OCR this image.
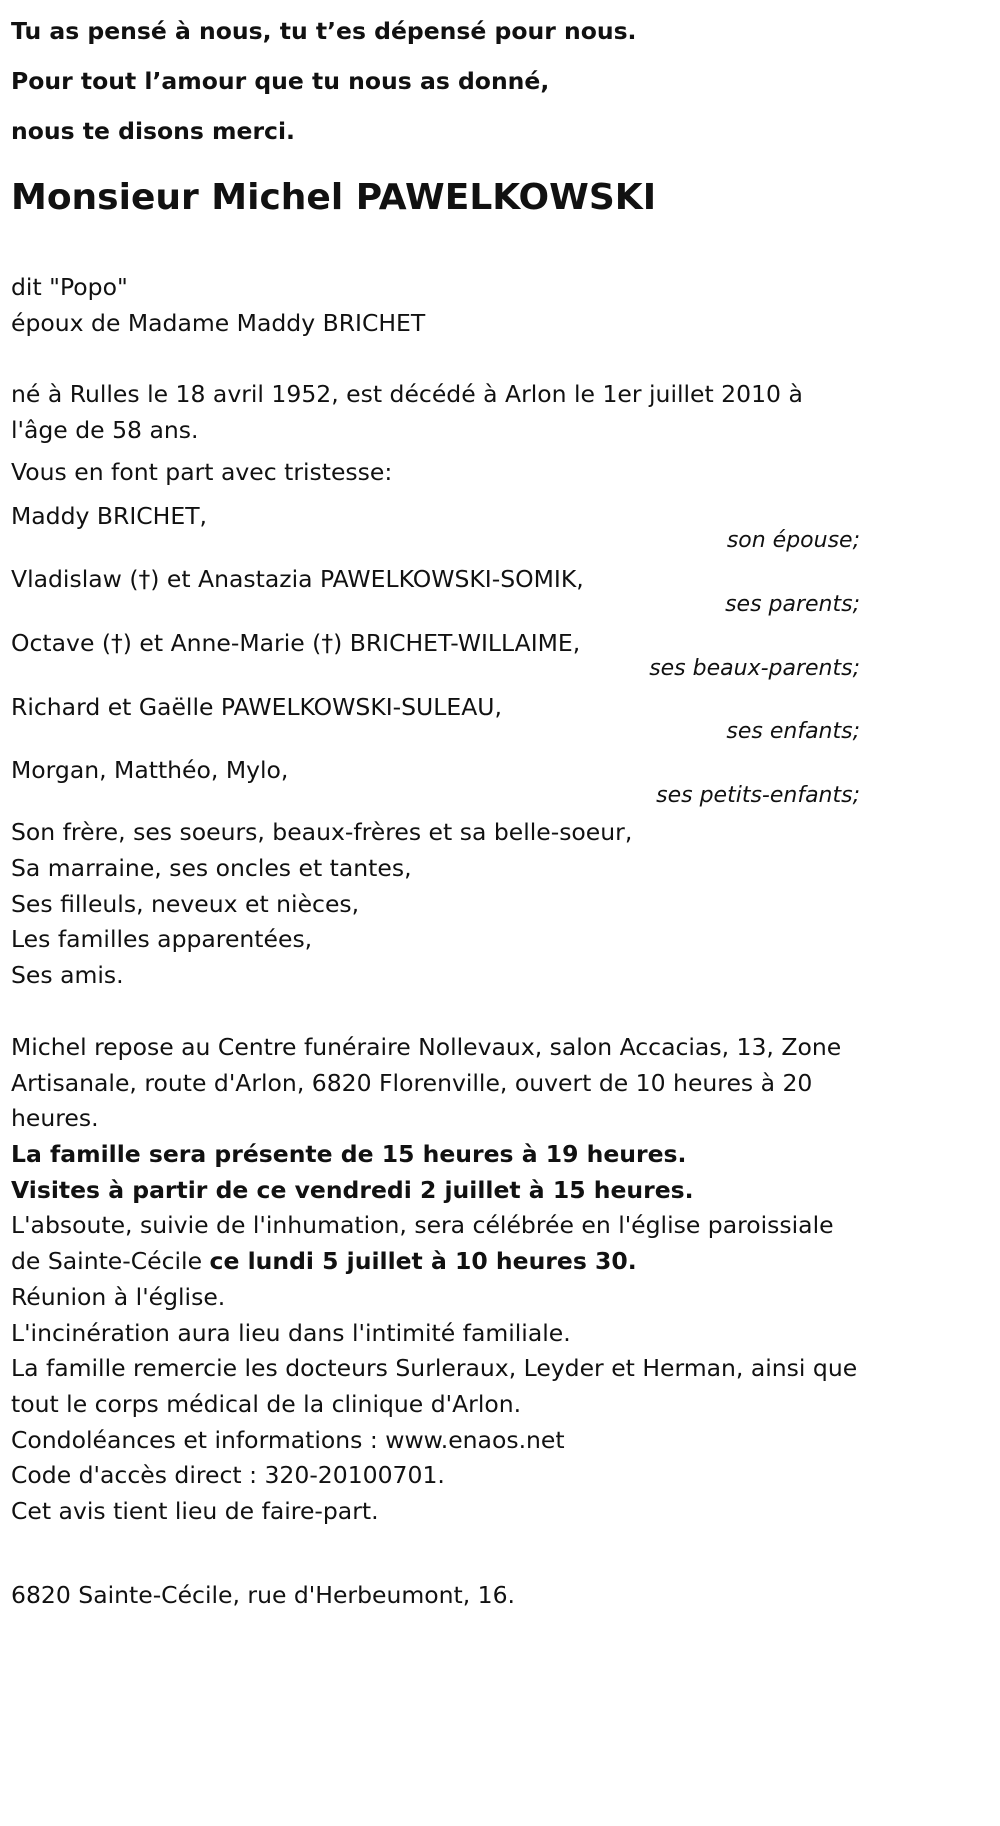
Tu as pensé à nous, tu t’es dépensé pour nous.

Pour tout l’amour que tu nous as donné,

nous te disons merci.

Monsieur Michel PAWELKOWSKI

dit "Popo"

époux de Madame Maddy BRICHET

né à Rulles le 18 avril 1952, est décédé à Arlon le 1er juillet 2010 à l'âge de 58 ans.

Vous en font part avec tristesse:

Maddy BRICHET,
son épouse;
Vladislaw (†) et Anastazia PAWELKOWSKI-SOMIK,
ses parents;
Octave (†) et Anne-Marie (†) BRICHET-WILLAIME,
ses beaux-parents;
Richard et Gaëlle PAWELKOWSKI-SULEAU,
ses enfants;
Morgan, Matthéo, Mylo,
ses petits-enfants;

Son frère, ses soeurs, beaux-frères et sa belle-soeur,

Sa marraine, ses oncles et tantes,

Ses filleuls, neveux et nièces,

Les familles apparentées,

Ses amis.

Michel repose au Centre funéraire Nollevaux, salon Accacias, 13, Zone Artisanale, route d'Arlon, 6820 Florenville, ouvert de 10 heures à 20 heures.

La famille sera présente de 15 heures à 19 heures.

Visites à partir de ce vendredi 2 juillet à 15 heures.

L'absoute, suivie de l'inhumation, sera célébrée en l'église paroissiale de Sainte-Cécile ce lundi 5 juillet à 10 heures 30.

Réunion à l'église.

L'incinération aura lieu dans l'intimité familiale.

La famille remercie les docteurs Surleraux, Leyder et Herman, ainsi que tout le corps médical de la clinique d'Arlon.

Condoléances et informations : www.enaos.net

Code d'accès direct : 320-20100701.

Cet avis tient lieu de faire-part.

6820 Sainte-Cécile, rue d'Herbeumont, 16.
